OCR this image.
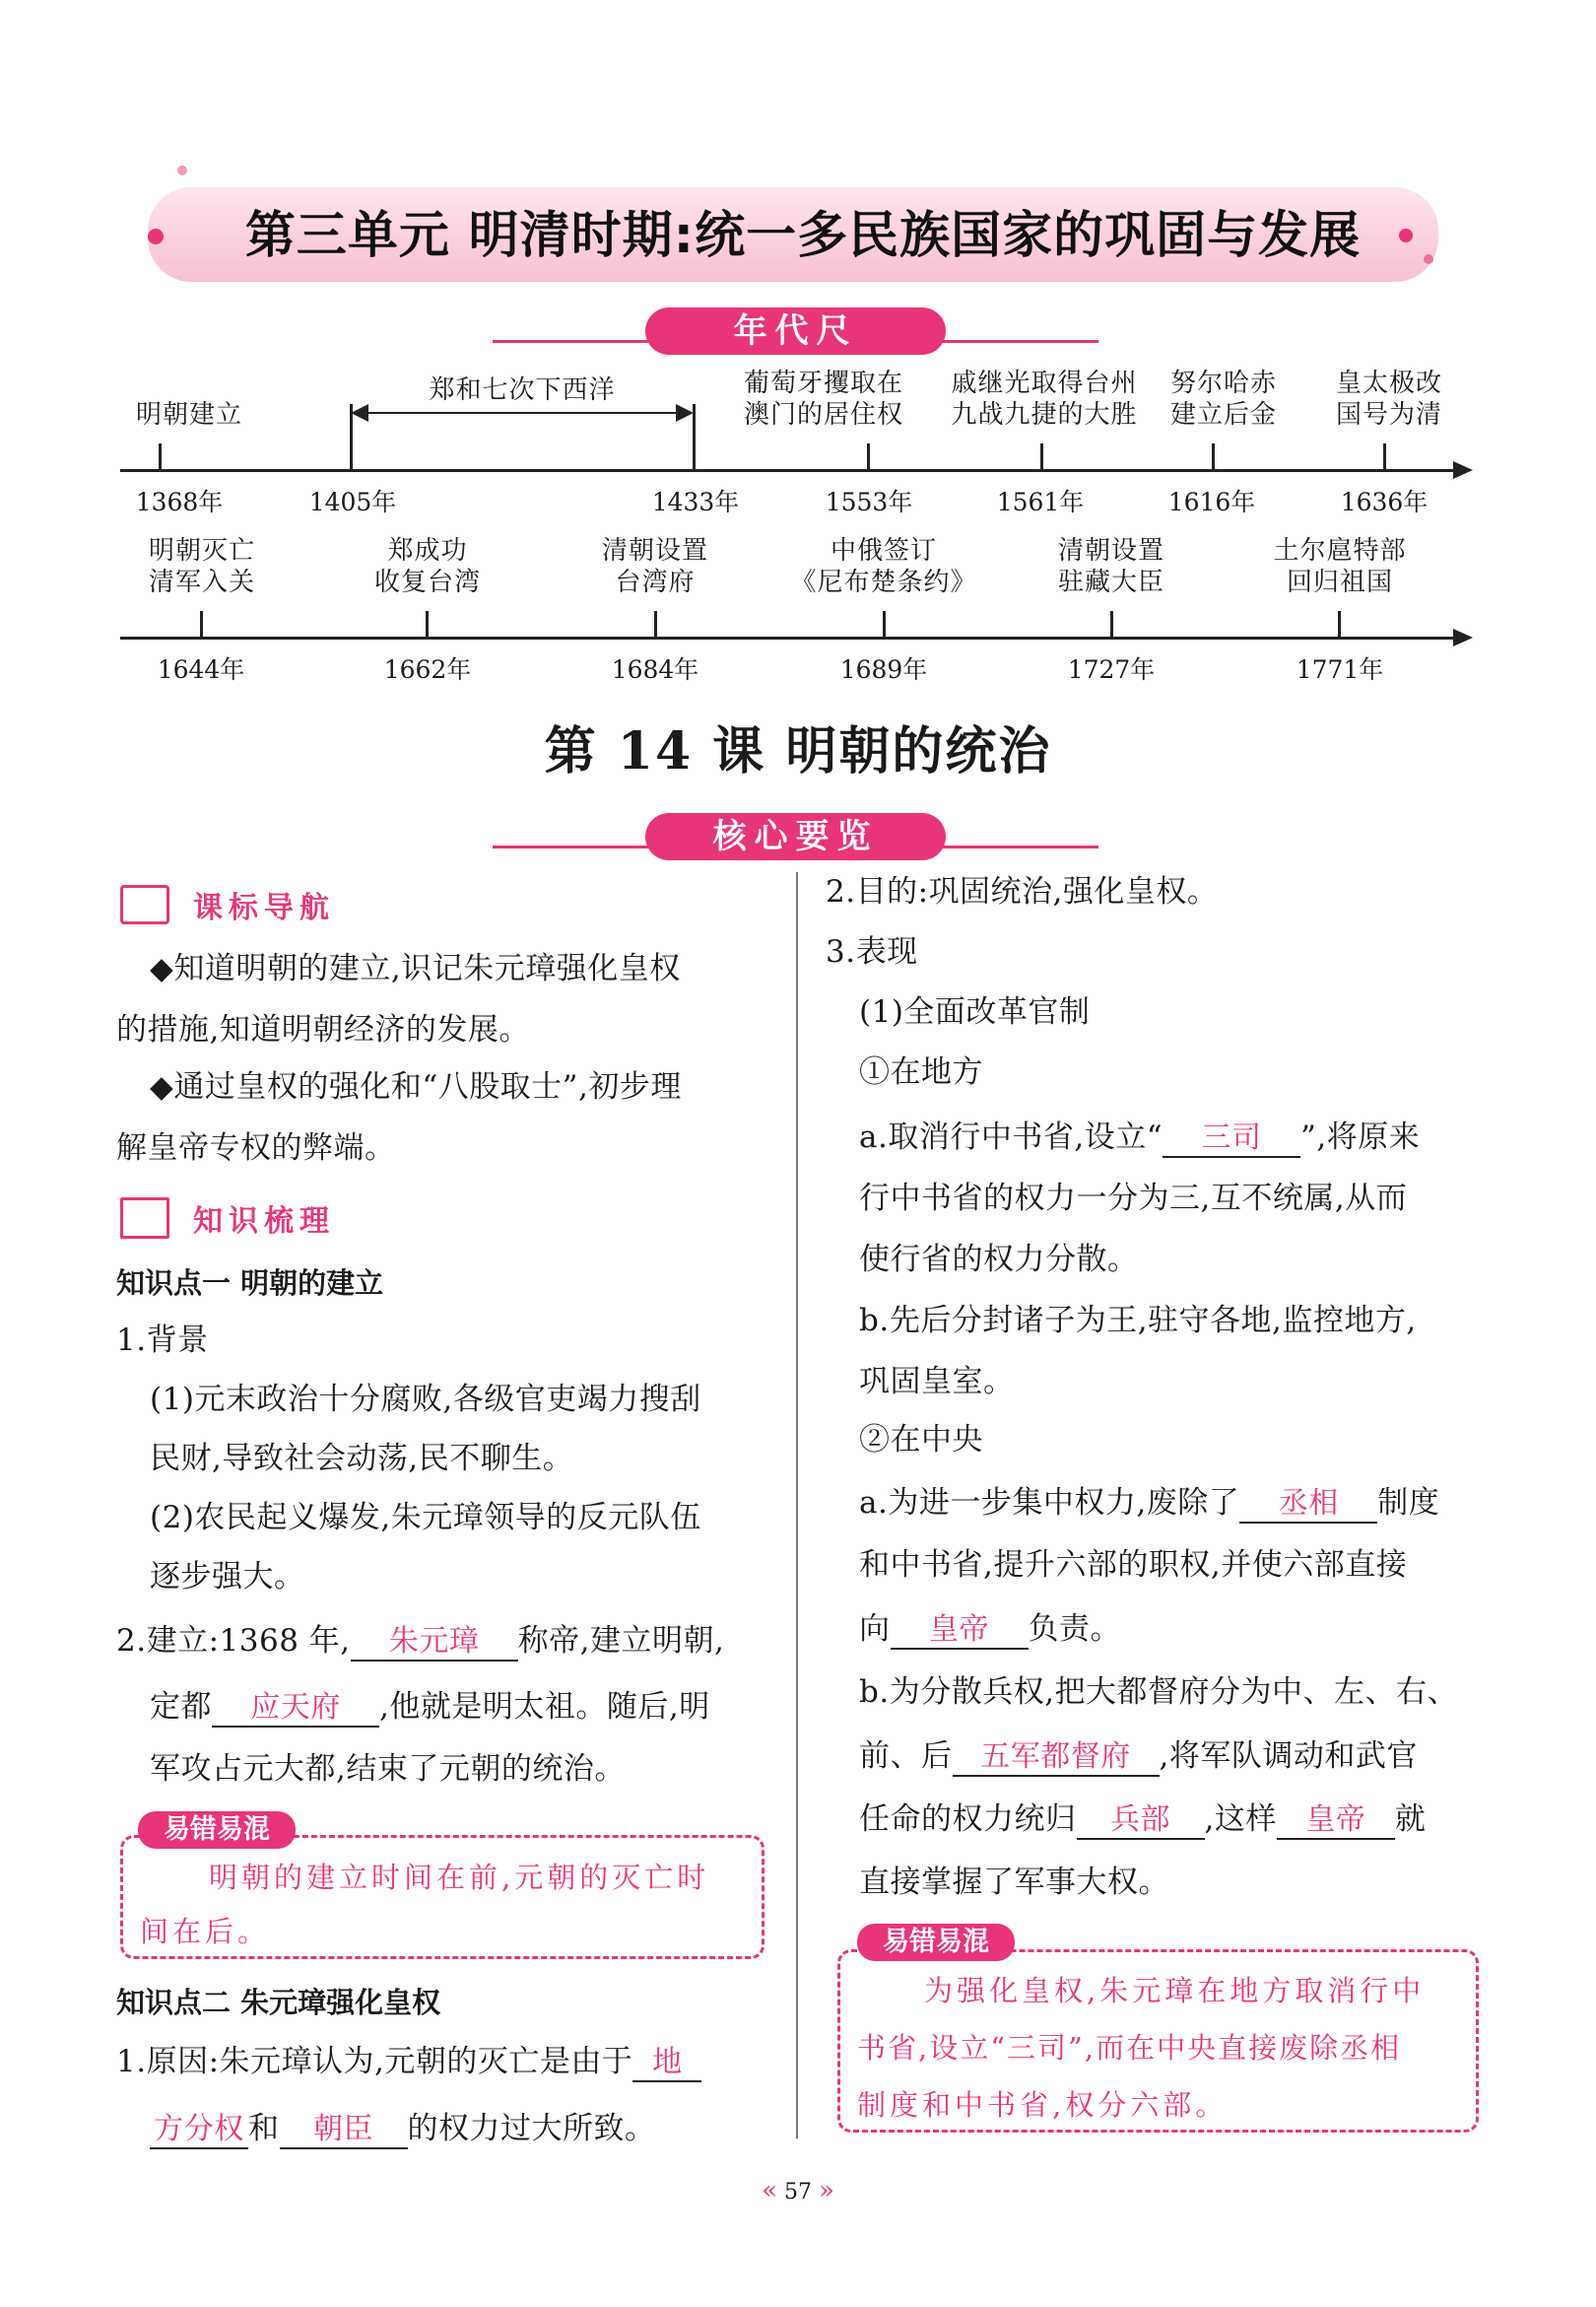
第三单元 明清时期:统一多民族国家的巩固与发展
年代尺
明朝建立
郑和七次下西洋	葡萄牙攫取在
澳门的居住权
戚继光取得台州
九战九捷的大胜
努尔哈赤
建立后金
皇太极改
国号为清
1368年	1405年	1433年	1553年	1561年	1616年	1636年
明朝灭亡
清军入关
郑成功
收复台湾
清朝设置
台湾府
中俄签订
《尼布楚条约》
清朝设置
驻藏大臣
土尔扈特部
回归祖国
1644年	1662年	1684年	1689年	1727年	1771年
第 14 课 明朝的统治
核心要览
课标导航
◆知道明朝的建立,识记朱元璋强化皇权
的措施,知道明朝经济的发展。
◆通过皇权的强化和“八股取士”,初步理
解皇帝专权的弊端。
知识梳理
知识点一 明朝的建立
1.背景
(1)元末政治十分腐败,各级官吏竭力搜刮
民财,导致社会动荡,民不聊生。
(2)农民起义爆发,朱元璋领导的反元队伍
逐步强大。
2.建立:1368 年, 朱元璋 称帝,建立明朝,
定都 应天府 ,他就是明太祖。随后,明
军攻占元大都,结束了元朝的统治。
易错易混
明朝的建立时间在前,元朝的灭亡时
间在后。
知识点二 朱元璋强化皇权
1.原因:朱元璋认为,元朝的灭亡是由于 地
方分权 和 朝臣 的权力过大所致。
2.目的:巩固统治,强化皇权。
3.表现
(1)全面改革官制
①在地方
a.取消行中书省,设立“ 三司 ”,将原来
行中书省的权力一分为三,互不统属,从而
使行省的权力分散。
b.先后分封诸子为王,驻守各地,监控地方,
巩固皇室。
②在中央
a.为进一步集中权力,废除了 丞相 制度
和中书省,提升六部的职权,并使六部直接
向 皇帝 负责。
b.为分散兵权,把大都督府分为中、左、右、
前、后 五军都督府 ,将军队调动和武官
任命的权力统归 兵部 ,这样 皇帝 就
直接掌握了军事大权。
易错易混
为强化皇权,朱元璋在地方取消行中
书省,设立“三司”,而在中央直接废除丞相
制度和中书省,权分六部。
« 57 »
